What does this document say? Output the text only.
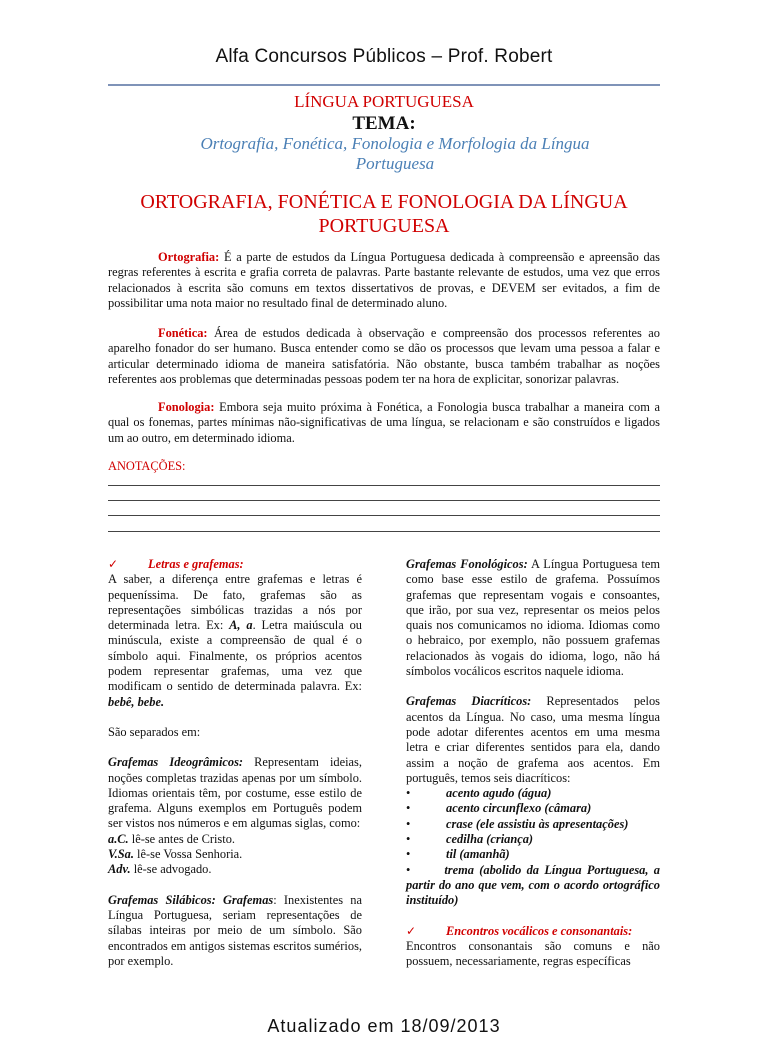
Alfa Concursos Públicos – Prof. Robert
LÍNGUA PORTUGUESA
TEMA:
Ortografia, Fonética, Fonologia e Morfologia da Língua Portuguesa
ORTOGRAFIA, FONÉTICA E FONOLOGIA DA LÍNGUA PORTUGUESA
Ortografia: É a parte de estudos da Língua Portuguesa dedicada à compreensão e apreensão das regras referentes à escrita e grafia correta de palavras. Parte bastante relevante de estudos, uma vez que erros relacionados à escrita são comuns em textos dissertativos de provas, e DEVEM ser evitados, a fim de possibilitar uma nota maior no resultado final de determinado aluno.
Fonética: Área de estudos dedicada à observação e compreensão dos processos referentes ao aparelho fonador do ser humano. Busca entender como se dão os processos que levam uma pessoa a falar e articular determinado idioma de maneira satisfatória. Não obstante, busca também trabalhar as noções referentes aos problemas que determinadas pessoas podem ter na hora de explicitar, sonorizar palavras.
Fonologia: Embora seja muito próxima à Fonética, a Fonologia busca trabalhar a maneira com a qual os fonemas, partes mínimas não-significativas de uma língua, se relacionam e são construídos e ligados um ao outro, em determinado idioma.
ANOTAÇÕES:

✓ Letras e grafemas:

A saber, a diferença entre grafemas e letras é pequeníssima. De fato, grafemas são as representações simbólicas trazidas a nós por determinada letra. Ex: A, a. Letra maiúscula ou minúscula, existe a compreensão de qual é o símbolo aqui. Finalmente, os próprios acentos podem representar grafemas, uma vez que modificam o sentido de determinada palavra. Ex: bebê, bebe.

São separados em:

Grafemas Ideogrâmicos: Representam ideias, noções completas trazidas apenas por um símbolo. Idiomas orientais têm, por costume, esse estilo de grafema. Alguns exemplos em Português podem ser vistos nos números e em algumas siglas, como:

a.C. lê-se antes de Cristo.

V.Sa. lê-se Vossa Senhoria.

Adv. lê-se advogado.

Grafemas Silábicos: Grafemas: Inexistentes na Língua Portuguesa, seriam representações de sílabas inteiras por meio de um símbolo. São encontrados em antigos sistemas escritos sumérios, por exemplo.

Grafemas Fonológicos: A Língua Portuguesa tem como base esse estilo de grafema. Possuímos grafemas que representam vogais e consoantes, que irão, por sua vez, representar os meios pelos quais nos comunicamos no idioma. Idiomas como o hebraico, por exemplo, não possuem grafemas relacionados às vogais do idioma, logo, não há símbolos vocálicos escritos naquele idioma.

Grafemas Diacríticos: Representados pelos acentos da Língua. No caso, uma mesma língua pode adotar diferentes acentos em uma mesma letra e criar diferentes sentidos para ela, dando assim a noção de grafema aos acentos. Em português, temos seis diacríticos:

•	acento agudo (água)
•	acento circunflexo (câmara)
•	crase (ele assistiu às apresentações)
•	cedilha (criança)
•	til (amanhã)

•	trema (abolido da Língua Portuguesa, a partir do ano que vem, com o acordo ortográfico instituído)

✓ Encontros vocálicos e consonantais:

Encontros consonantais são comuns e não possuem, necessariamente, regras específicas

Atualizado em 18/09/2013
